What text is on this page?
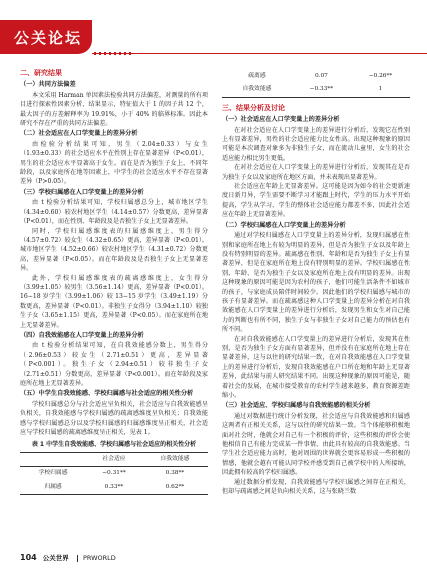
公关论坛
二、研究结果
（一）共同方法偏差

本文采用 Harman 单因素法检验共同方法偏差，对测量的所有项目进行探索性因素分析，结果显示，特征值大于 1 的因子共 12 个，最大因子的方差解释率为 19.91%，小于 40% 的临界标准。因此本研究不存在严重的共同方法偏差。

（二）社会适应在人口学变量上的差异分析

由检验分析结果可知，男生（2.04±0.33）与女生（1.93±0.33）的社会适应水平在性别上存在显著差异（P<0.01），男生的社会适应水平显著高于女生。而在是否为独生子女上，不同年龄段，以及家庭所在地等因素上，中学生的社会适应水平不存在显著差异（P>0.05）。

（三）学校归属感在人口学变量上的差异分析

由 t 检验分析结果可知，学校归属感总分上，城市地区学生（4.34±0.60）较农村地区学生（4.14±0.57）分数更高，差异显著（P<0.01），而在性别、年龄段及是否独生子女上无显著差异。

同时，学校归属感维度表的归属感维度上，男生得分（4.57±0.72）较女生（4.32±0.65）更高，差异显著（P<0.01）。城市地区学生（4.52±0.66）较农村地区学生（4.31±0.72）分数更高，差异显著（P<0.05）。而在年龄段及是否独生子女上无显著差异。

此外，学校归属感维度表的疏离感维度上，女生得分（3.99±1.05）较男生（3.56±1.14）更高，差异显著（P<0.01）。16−18 岁学生（3.99±1.06）较 13−15 岁学生（3.49±1.19）分数更高，差异显著（P<0.01）。非独生子女得分（3.94±1.10）较独生子女（3.65±1.15）更高，差异显著（P<0.05）。而在家庭所在地上无显著差异。

（四）自我效能感在人口学变量上的差异分析

由 t 检验分析结果可知，在自我效能感分数上，男生得分（2.96±0.53）较女生（2.71±0.51）更高，差异显著（P<0.001）。独生子女（2.94±0.51）较非独生子女（2.71±0.51）分数更高，差异显著（P<0.001）。而在年龄段及家庭所在地上无显著差异。

（五）中学生自我效能感、学校归属感与社会适应的相关性分析

学校归属感总分与社会适应呈负相关，社会适应与自我效能感呈负相关，自我效能感与学校归属感的疏离感维度呈负相关；自我效能感与学校归属感总分以及学校归属感的归属感维度呈正相关，社会适应与学校归属感的疏离感维度呈正相关，见表 1。

表 1 中学生自我效能感、学校归属感与社会适应的相关性分析
	社会适应	自我效能感
学校归属感	−0.31**	0.38**
归属感	0.33**	0.62**
疏离感	0.07	−0.26**
自我效能感	−0.33**	1
三、结果分析及讨论
（一）社会适应在人口学变量上的差异分析

在对社会适应在人口学变量上的差异进行分析后，发现它在性别上有显著差异，男性的社会适应能力比女性高。出现这种现象的原因可能是本次调查对象多为非独生子女，而在流动儿童里，女生的社会适应能力相比男生更低。

在对社会适应在人口学变量上的差异进行分析后，发现其在是否为独生子女以及家庭所在地区方面，并未表现出显著差异。

社会适应在年龄上无显著差异。这可能是因为如今的社会更新速度日新月异，学生需要不断学习才能跟上时代，学生的压力水平开始提高，学生从学习、学生的整体社会适应能力都差不多，因此社会适应在年龄上无显著差异。

（二）学校归属感在人口学变量上的差异分析

通过对学校归属感在人口学变量上的差异分析，发现归属感在性别和家庭所在地上有较为明显的差异，但是否为独生子女以及年龄上没有特别明显的差异。疏离感在性别、年龄和是否为独生子女上有显著差异，但是在家庭所在地上没有特别明显的差异。学校归属感在性别、年龄、是否为独生子女以及家庭所在地上没有明显的差异。出现这种现象的原因可能是因为农村的孩子，他们可能生活条件不如城市的孩子，与家庭成员陪伴时间较少。因此他们的学校归属感与城市的孩子有显著差异。而在疏离感这种人口学变量上的差异分析在对自我效能感在人口学变量上的差异进行分析后，发现男生和女生对自己能力的判断也有所不同，独生子女与非独生子女对自己能力的预估也有所不同。

在对自我效能感在人口学变量上的差异进行分析后，发现其在性别、是否为独生子女方面有显著差异，但并没有在家庭所在地上存在显著差异，这与以往的研究结果一致，在对自我效能感在人口学变量上的差异进行分析后，发现自我效能感在户口所在地和年龄上无显著差异，此结果与前人研究结果不同。出现这种现象的原因可能是，随着社会的发展，在城市接受教育的农村学生越来越多，教育资源差距缩小。

（三）社会适应、学校归属感与自我效能感的相关分析

通过对数据进行统计分析发现，社会适应与自我效能感和归属感这两者有正相关关系，这与以往的研究结果一致。当个体能够积极地面对社会时，他就会对自己有一个积极的评价，这些积极的评价会使他相信自己有能力完成某一件事情，由此具有较高的自我效能感。当学生社会适应能力高时，他对周围的世界就会更容易形成一些积极的情感，他就会越有可能认同学校并感受到自己被学校中的人所接纳，因此拥有较高的学校归属感。

通过数据分析发现，自我效能感与学校归属感之间存在正相关，但却与疏离感之间是负向相关关系，这与张晓兰数

104 公关世界 PRWORLD
